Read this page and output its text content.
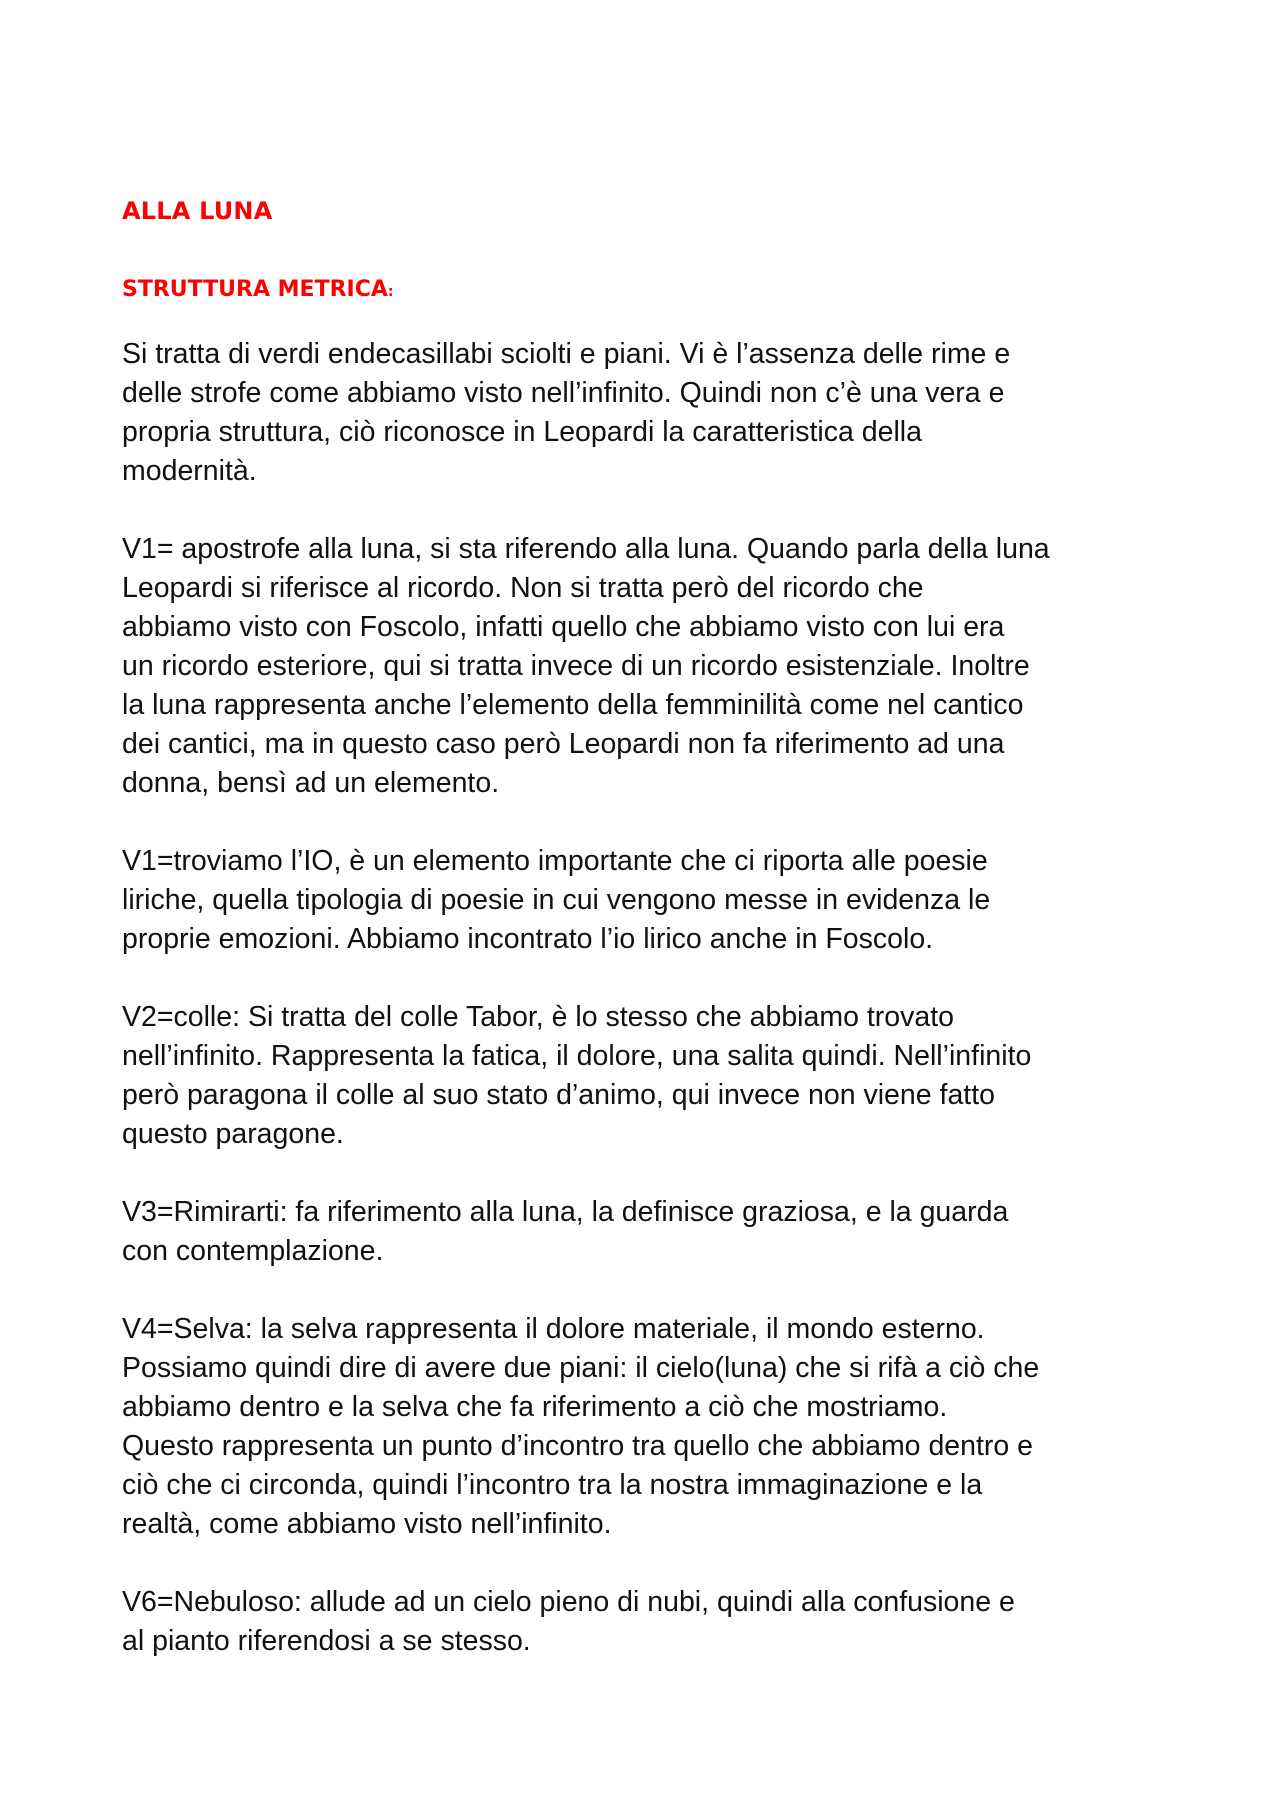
ALLA LUNA
STRUTTURA METRICA:

Si tratta di verdi endecasillabi sciolti e piani. Vi è l’assenza delle rime e
delle strofe come abbiamo visto nell’infinito. Quindi non c’è una vera e
propria struttura, ciò riconosce in Leopardi la caratteristica della
modernità.

V1= apostrofe alla luna, si sta riferendo alla luna. Quando parla della luna
Leopardi si riferisce al ricordo. Non si tratta però del ricordo che
abbiamo visto con Foscolo, infatti quello che abbiamo visto con lui era
un ricordo esteriore, qui si tratta invece di un ricordo esistenziale. Inoltre
la luna rappresenta anche l’elemento della femminilità come nel cantico
dei cantici, ma in questo caso però Leopardi non fa riferimento ad una
donna, bensì ad un elemento.

V1=troviamo l’IO, è un elemento importante che ci riporta alle poesie
liriche, quella tipologia di poesie in cui vengono messe in evidenza le
proprie emozioni. Abbiamo incontrato l’io lirico anche in Foscolo.

V2=colle: Si tratta del colle Tabor, è lo stesso che abbiamo trovato
nell’infinito. Rappresenta la fatica, il dolore, una salita quindi. Nell’infinito
però paragona il colle al suo stato d’animo, qui invece non viene fatto
questo paragone.

V3=Rimirarti: fa riferimento alla luna, la definisce graziosa, e la guarda
con contemplazione.

V4=Selva: la selva rappresenta il dolore materiale, il mondo esterno.
Possiamo quindi dire di avere due piani: il cielo(luna) che si rifà a ciò che
abbiamo dentro e la selva che fa riferimento a ciò che mostriamo.
Questo rappresenta un punto d’incontro tra quello che abbiamo dentro e
ciò che ci circonda, quindi l’incontro tra la nostra immaginazione e la
realtà, come abbiamo visto nell’infinito.

V6=Nebuloso: allude ad un cielo pieno di nubi, quindi alla confusione e
al pianto riferendosi a se stesso.
